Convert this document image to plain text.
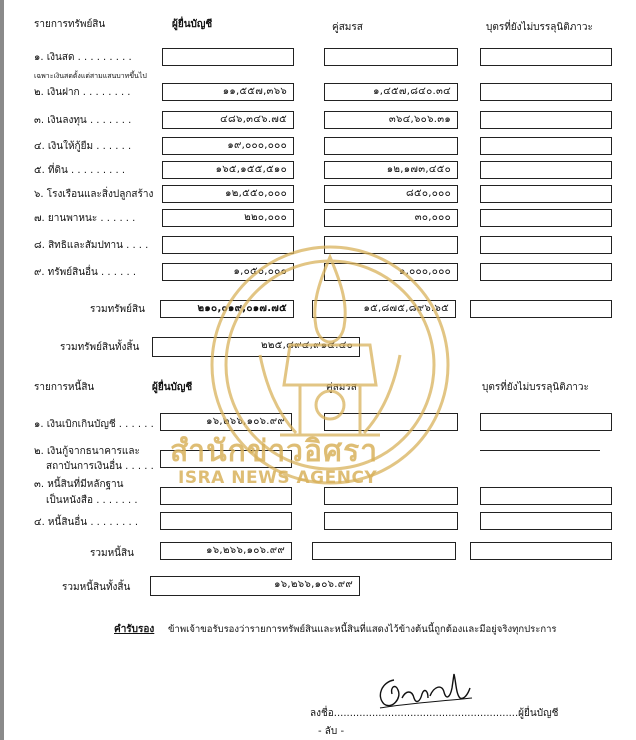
รายการทรัพย์สิน	ผู้ยื่นบัญชี	คู่สมรส	บุตรที่ยังไม่บรรลุนิติภาวะ
๑. เงินสด . . . . . . . . .
๒. เงินฝาก . . . . . . . .	๑๑,๕๕๗,๓๖๖	๑,๔๕๗,๘๔๐.๓๔
๓. เงินลงทุน . . . . . . .	๔๘๖,๓๔๖.๗๕	๓๖๔,๖๐๖.๓๑
๔. เงินให้กู้ยืม . . . . . .	๑๙,๐๐๐,๐๐๐
๕. ที่ดิน . . . . . . . . .	๑๖๕,๑๕๕,๕๑๐	๑๒,๑๗๓,๔๕๐
๖. โรงเรือนและสิ่งปลูกสร้าง	๑๒,๕๕๐,๐๐๐	๘๕๐,๐๐๐
๗. ยานพาหนะ . . . . . .	๒๒๐,๐๐๐	๓๐,๐๐๐
๘. สิทธิและสัมปทาน . . . .
๙. ทรัพย์สินอื่น . . . . . .	๑,๐๕๐,๐๐๐	๑,๐๐๐,๐๐๐
เฉพาะเงินสดตั้งแต่สามแสนบาทขึ้นไป
รวมทรัพย์สิน	๒๑๐,๐๑๙,๐๑๗.๗๕	๑๕,๘๗๕,๘๙๖.๖๕
รวมทรัพย์สินทั้งสิ้น	๒๒๕,๘๙๔,๙๑๔.๔๐
รายการหนี้สิน	ผู้ยื่นบัญชี	คู่สมรส	บุตรที่ยังไม่บรรลุนิติภาวะ
๑. เงินเบิกเกินบัญชี . . . . . .	๑๖,๒๖๖,๑๐๖.๙๙
๒. เงินกู้จากธนาคารและ
สถาบันการเงินอื่น . . . . .
๓. หนี้สินที่มีหลักฐาน
เป็นหนังสือ . . . . . . .
๔. หนี้สินอื่น . . . . . . . .
รวมหนี้สิน	๑๖,๒๖๖,๑๐๖.๙๙
รวมหนี้สินทั้งสิ้น	๑๖,๒๖๖,๑๐๖.๙๙
คำรับรอง ข้าพเจ้าขอรับรองว่ารายการทรัพย์สินและหนี้สินที่แสดงไว้ข้างต้นนี้ถูกต้องและมีอยู่จริงทุกประการ
ลงชื่อ..........................................................ผู้ยื่นบัญชี
- ลับ -
สำนักข่าวอิศรา
ISRA NEWS AGENCY
